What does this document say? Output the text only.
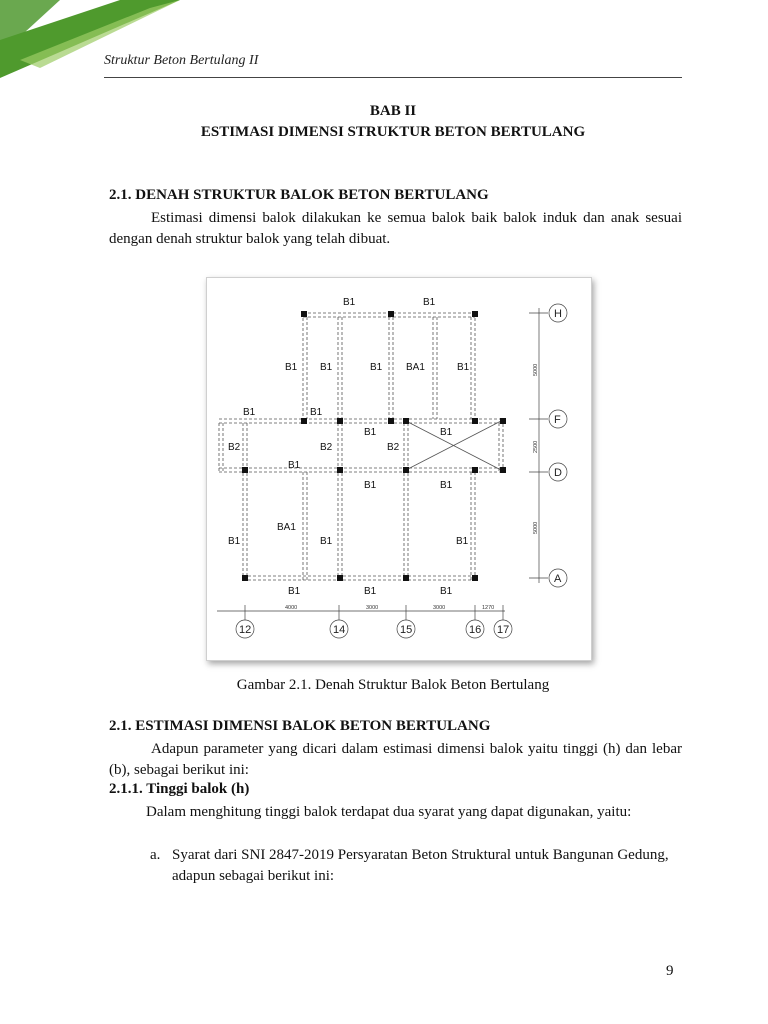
Struktur Beton Bertulang II
BAB II
ESTIMASI DIMENSI STRUKTUR BETON BERTULANG
2.1. DENAH STRUKTUR BALOK BETON BERTULANG
Estimasi dimensi balok dilakukan ke semua balok baik balok induk dan anak sesuai dengan denah struktur balok yang telah dibuat.
B1	B1
B1 B1	B1 BA1	B1
B1	B1
B2	B2
B1
B2
B1
B1
B1
BA1
B1
B1	B1	B1
B1	B1	B1
H
F
D
A
5000
2500
5000
4000	3000	3000	1270
12	14	15	16 17
Gambar 2.1. Denah Struktur Balok Beton Bertulang
2.1. ESTIMASI DIMENSI BALOK BETON BERTULANG
Adapun parameter yang dicari dalam estimasi dimensi balok yaitu tinggi (h) dan lebar (b), sebagai berikut ini:
2.1.1. Tinggi balok (h)
Dalam menghitung tinggi balok terdapat dua syarat yang dapat digunakan, yaitu:
a. Syarat dari SNI 2847-2019 Persyaratan Beton Struktural untuk Bangunan Gedung, adapun sebagai berikut ini:
9
